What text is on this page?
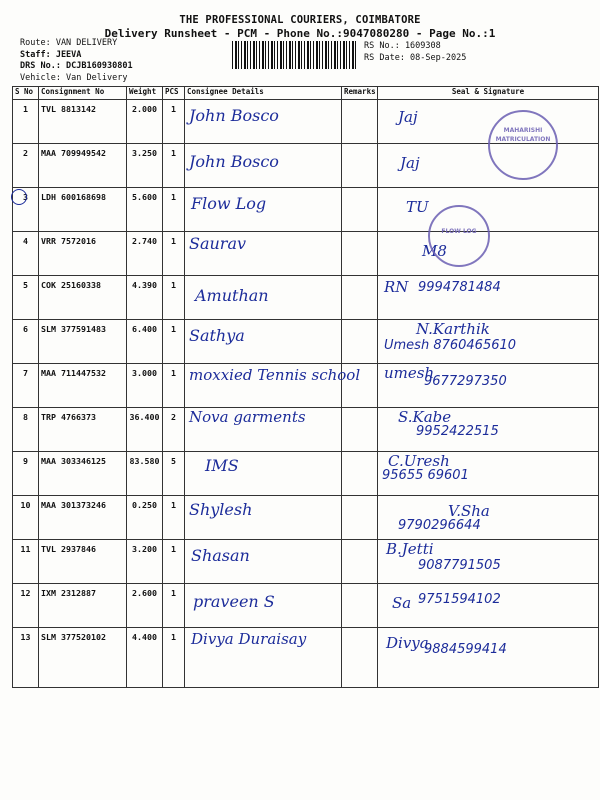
THE PROFESSIONAL COURIERS, COIMBATORE
Delivery Runsheet - PCM - Phone No.:9047080280 - Page No.:1
Route: VAN DELIVERY
Staff: JEEVA
DRS No.: DCJB160930801
Vehicle: Van Delivery
RS No.: 1609308
RS Date: 08-Sep-2025
S No	Consignment No	Weight	PCS	Consignee Details	Remarks	Seal & Signature
1	TVL 8813142	2.000	1	John Bosco		Jaj

2	MAA 709949542	3.250	1	John Bosco		Jaj

3	LDH 600168698	5.600	1	Flow Log		TU

4	VRR 7572016	2.740	1	Saurav		M8

5	COK 25160338	4.390	1	Amuthan		RN 9994781484

6	SLM 377591483	6.400	1	Sathya		N.Karthik
Umesh 8760465610

7	MAA 711447532	3.000	1	moxxied Tennis school		umesh
9677297350

8	TRP 4766373	36.400	2	Nova garments		S.Kabe
9952422515

9	MAA 303346125	83.580	5	IMS		C.Uresh
95655 69601

10	MAA 301373246	0.250	1	Shylesh		V.Sha
9790296644

11	TVL 2937846	3.200	1	Shasan		B.Jetti
9087791505

12	IXM 2312887	2.600	1	praveen S		Sa 9751594102

13	SLM 377520102	4.400	1	Divya Duraisay		Divya
9884599414
MAHARISHI MATRICULATION
FLOW LOG
